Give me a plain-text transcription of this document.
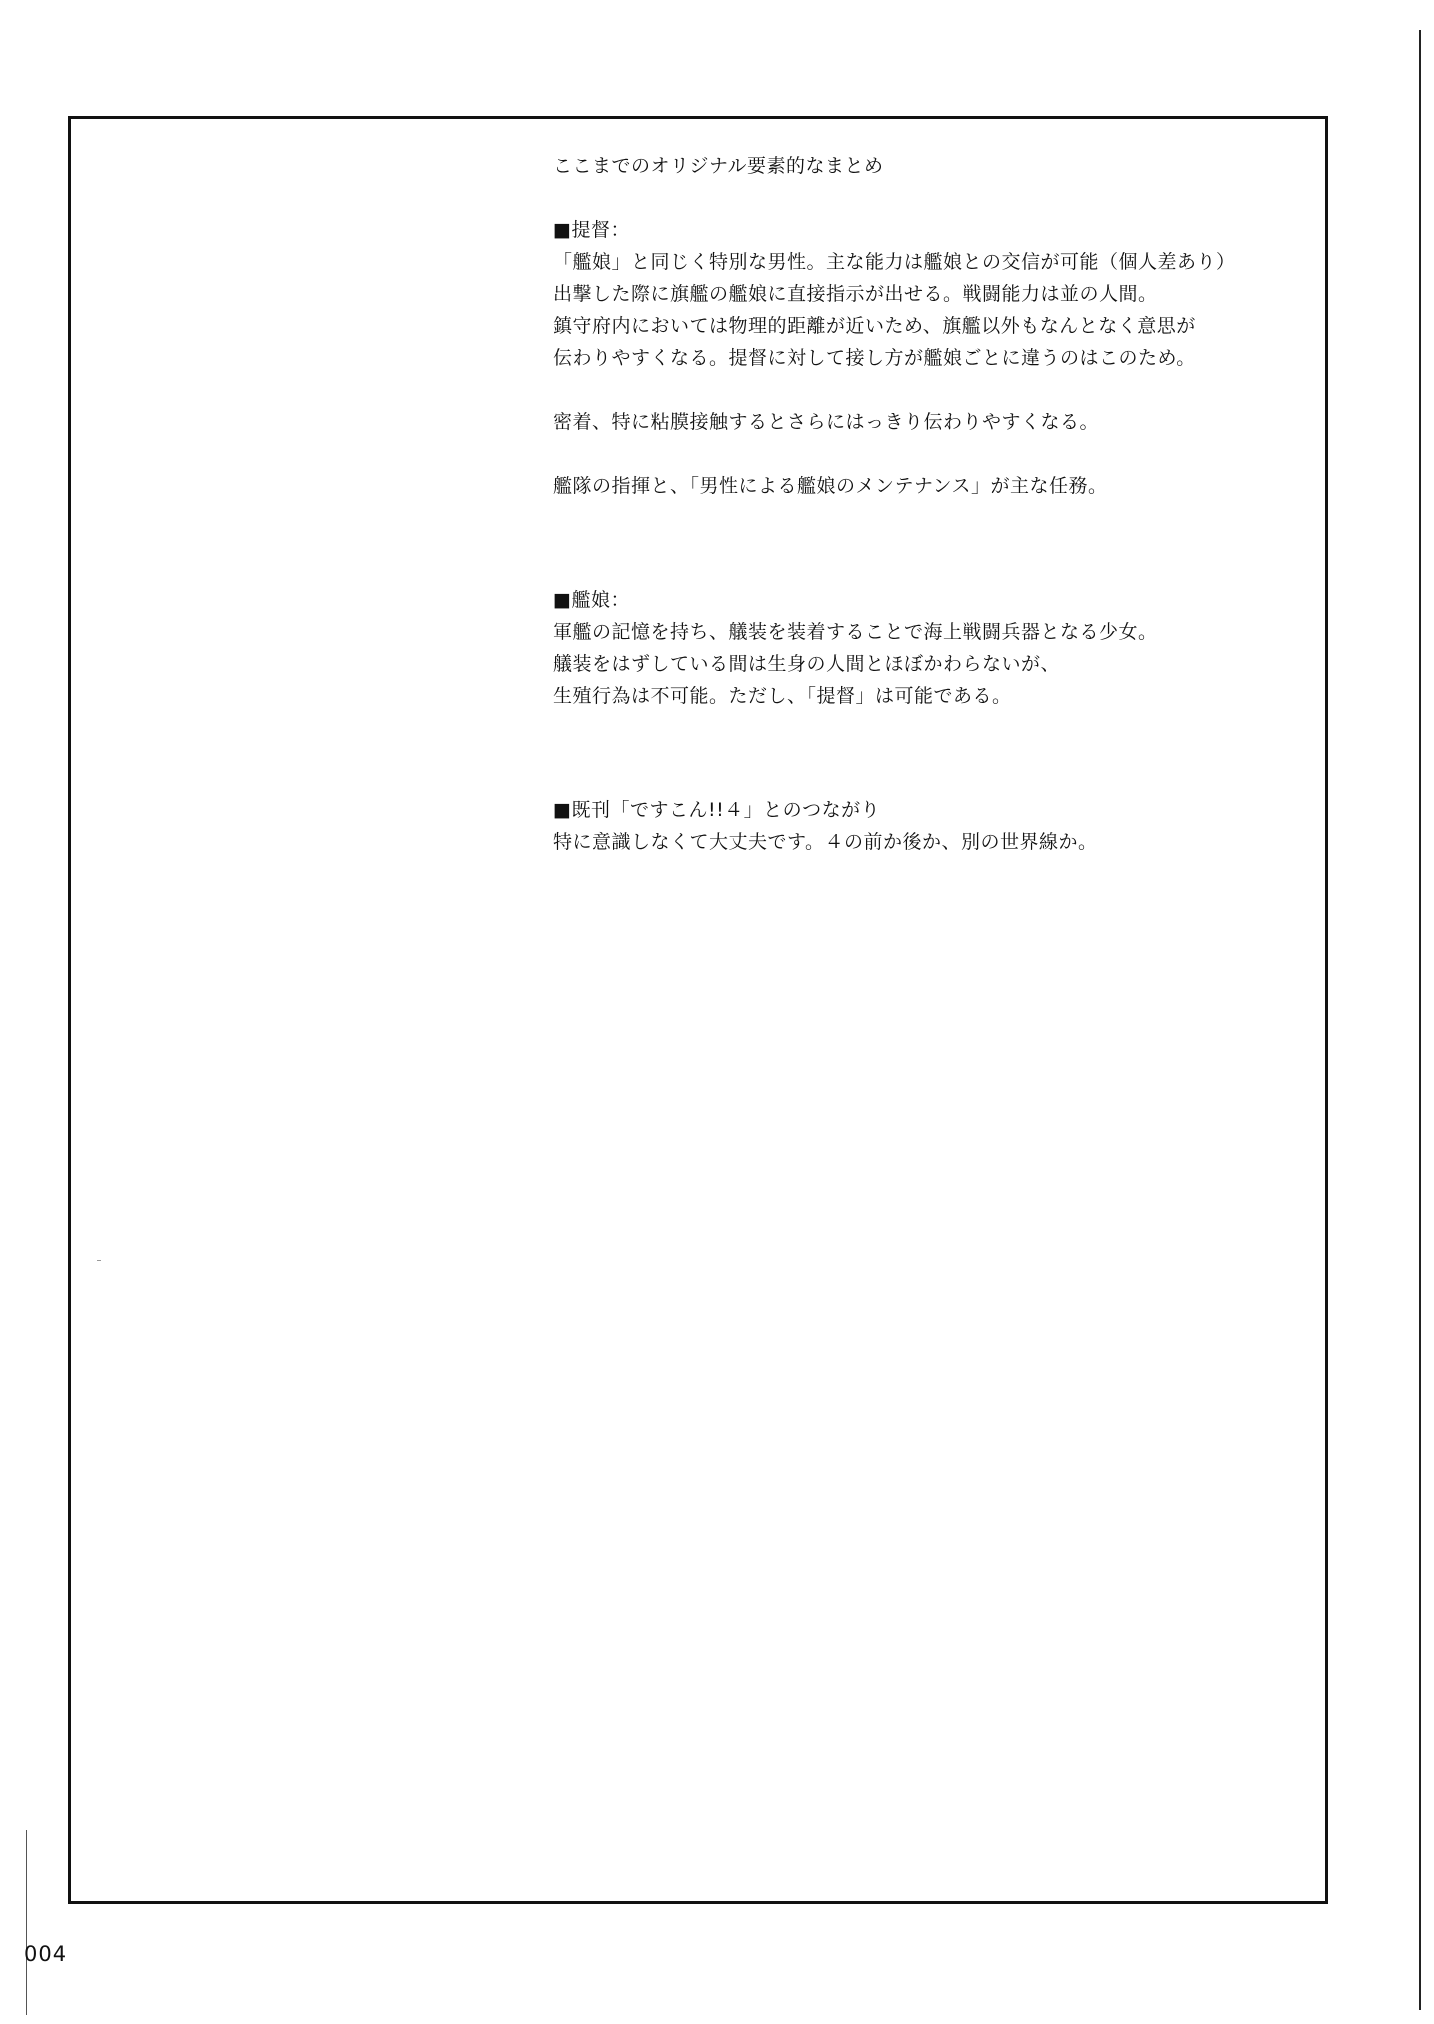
ここまでのオリジナル要素的なまとめ
■提督：
「艦娘」と同じく特別な男性。主な能力は艦娘との交信が可能（個人差あり）
出撃した際に旗艦の艦娘に直接指示が出せる。戦闘能力は並の人間。
鎮守府内においては物理的距離が近いため、旗艦以外もなんとなく意思が
伝わりやすくなる。提督に対して接し方が艦娘ごとに違うのはこのため。
密着、特に粘膜接触するとさらにはっきり伝わりやすくなる。
艦隊の指揮と、「男性による艦娘のメンテナンス」が主な任務。
■艦娘：
軍艦の記憶を持ち、艤装を装着することで海上戦闘兵器となる少女。
艤装をはずしている間は生身の人間とほぼかわらないが、
生殖行為は不可能。ただし、「提督」は可能である。
■既刊「ですこん!!４」とのつながり
特に意識しなくて大丈夫です。４の前か後か、別の世界線か。
004
